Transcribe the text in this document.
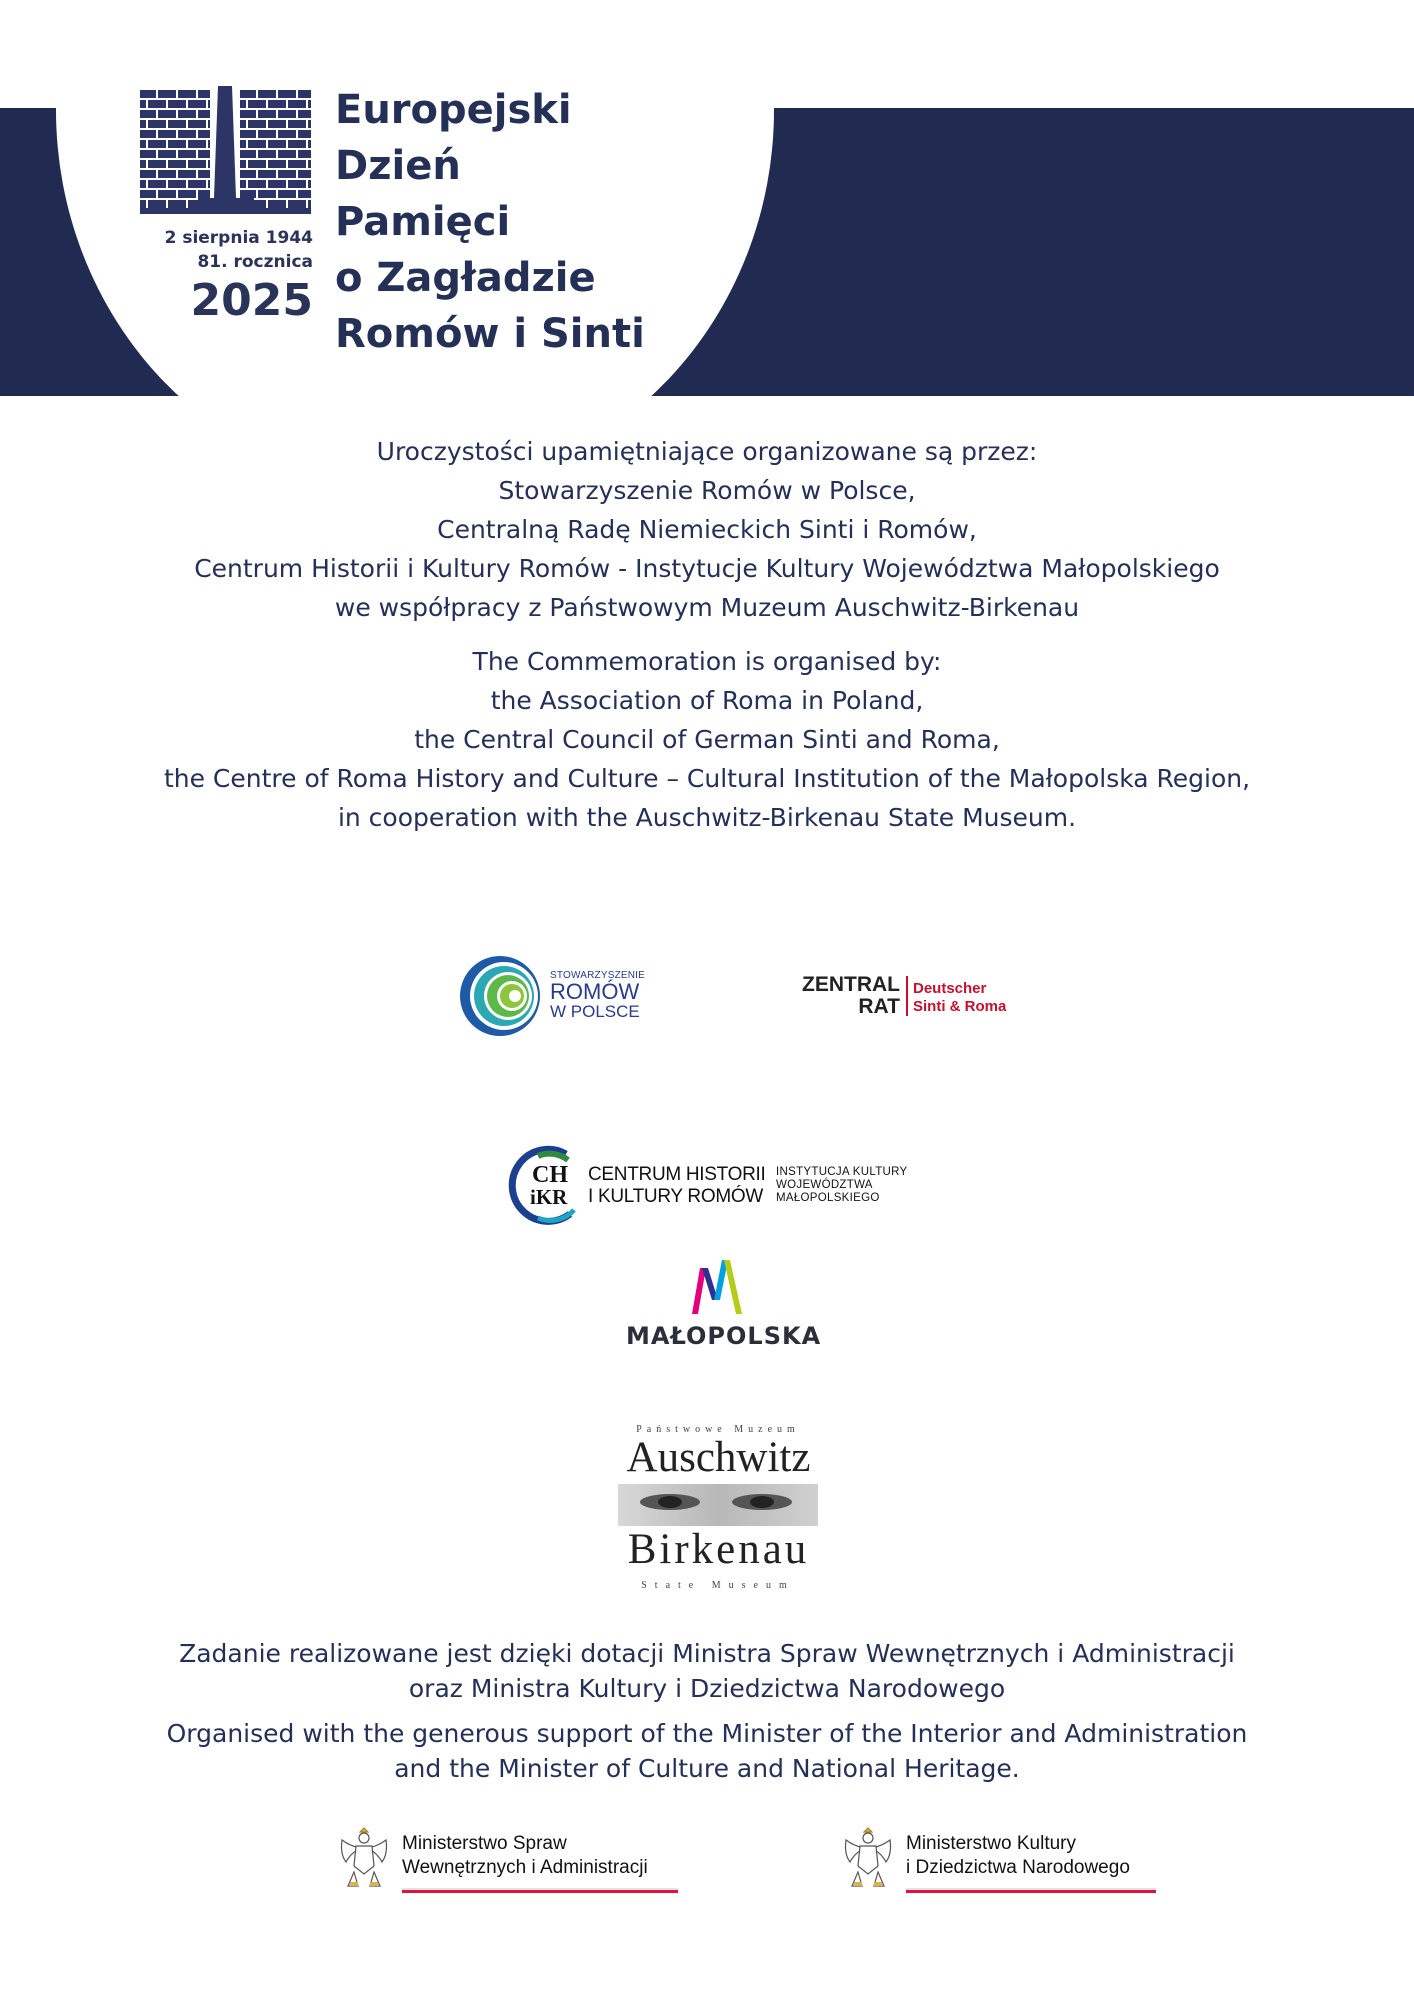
2 sierpnia 1944
81. rocznica
2025
Europejski
Dzień
Pamięci
o Zagładzie
Romów i Sinti
Uroczystości upamiętniające organizowane są przez:
Stowarzyszenie Romów w Polsce,
Centralną Radę Niemieckich Sinti i Romów,
Centrum Historii i Kultury Romów - Instytucje Kultury Województwa Małopolskiego
we współpracy z Państwowym Muzeum Auschwitz-Birkenau
The Commemoration is organised by:
the Association of Roma in Poland,
the Central Council of German Sinti and Roma,
the Centre of Roma History and Culture – Cultural Institution of the Małopolska Region,
in cooperation with the Auschwitz-Birkenau State Museum.
STOWARZYSZENIE
ROMÓW
W POLSCE
ZENTRAL
RAT
Deutscher
Sinti & Roma
CH
iKR
CENTRUM HISTORII
I KULTURY ROMÓW
INSTYTUCJA KULTURY
WOJEWÓDZTWA
MAŁOPOLSKIEGO
MAŁOPOLSKA
Państwowe Muzeum
Auschwitz
Birkenau
State Museum
Zadanie realizowane jest dzięki dotacji Ministra Spraw Wewnętrznych i Administracji
oraz Ministra Kultury i Dziedzictwa Narodowego
Organised with the generous support of the Minister of the Interior and Administration
and the Minister of Culture and National Heritage.
Ministerstwo Spraw
Wewnętrznych i Administracji
Ministerstwo Kultury
i Dziedzictwa Narodowego
